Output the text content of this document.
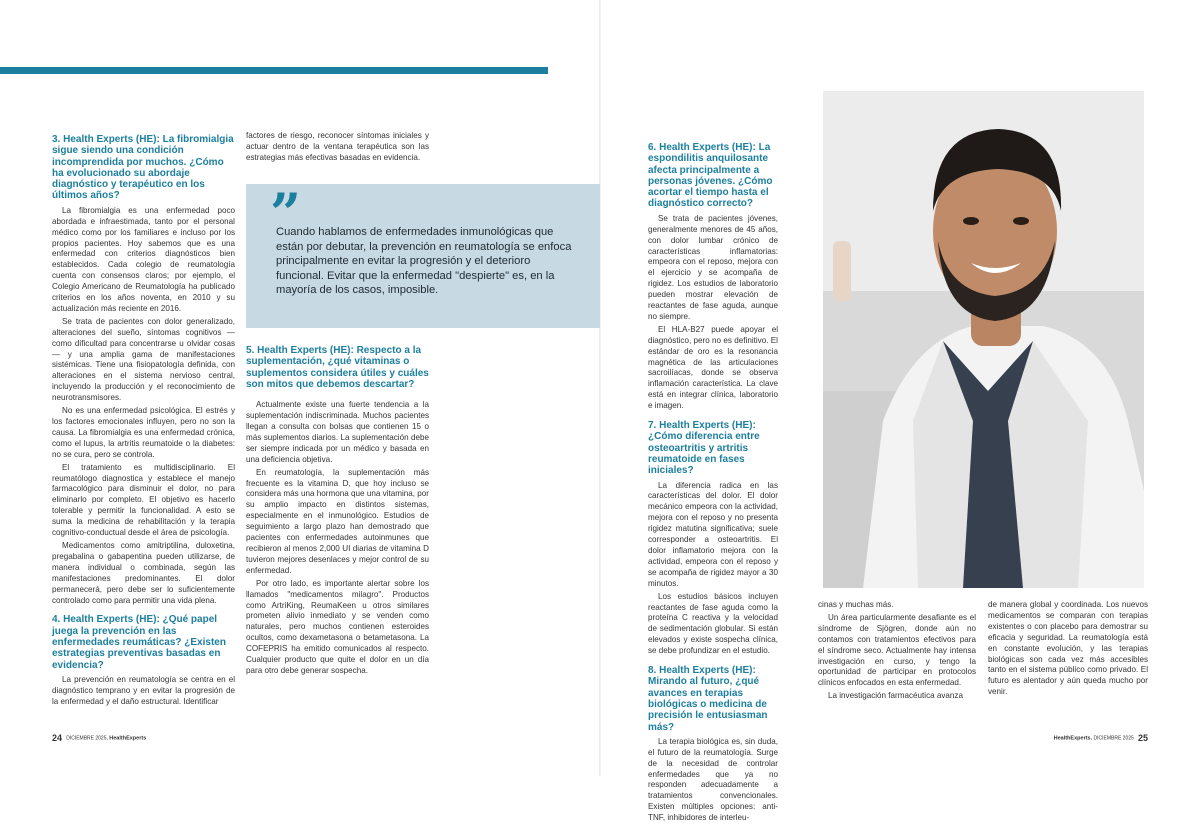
3. Health Experts (HE): La fibromialgia sigue siendo una condición incomprendida por muchos. ¿Cómo ha evolucionado su abordaje diagnóstico y terapéutico en los últimos años?

La fibromialgia es una enfermedad poco abordada e infraestimada, tanto por el personal médico como por los familiares e incluso por los propios pacientes. Hoy sabemos que es una enfermedad con criterios diagnósticos bien establecidos. Cada colegio de reumatología cuenta con consensos claros; por ejemplo, el Colegio Americano de Reumatología ha publicado criterios en los años noventa, en 2010 y su actualización más reciente en 2016.

Se trata de pacientes con dolor generalizado, alteraciones del sueño, síntomas cognitivos —como dificultad para concentrarse u olvidar cosas— y una amplia gama de manifestaciones sistémicas. Tiene una fisiopatología definida, con alteraciones en el sistema nervioso central, incluyendo la producción y el reconocimiento de neurotransmisores.

No es una enfermedad psicológica. El estrés y los factores emocionales influyen, pero no son la causa. La fibromialgia es una enfermedad crónica, como el lupus, la artritis reumatoide o la diabetes: no se cura, pero se controla.

El tratamiento es multidisciplinario. El reumatólogo diagnostica y establece el manejo farmacológico para disminuir el dolor, no para eliminarlo por completo. El objetivo es hacerlo tolerable y permitir la funcionalidad. A esto se suma la medicina de rehabilitación y la terapia cognitivo-conductual desde el área de psicología.

Medicamentos como amitriptilina, duloxetina, pregabalina o gabapentina pueden utilizarse, de manera individual o combinada, según las manifestaciones predominantes. El dolor permanecerá, pero debe ser lo suficientemente controlado como para permitir una vida plena.

4. Health Experts (HE): ¿Qué papel juega la prevención en las enfermedades reumáticas? ¿Existen estrategias preventivas basadas en evidencia?

La prevención en reumatología se centra en el diagnóstico temprano y en evitar la progresión de la enfermedad y el daño estructural. Identificar

factores de riesgo, reconocer síntomas iniciales y actuar dentro de la ventana terapéutica son las estrategias más efectivas basadas en evidencia.

”

Cuando hablamos de enfermedades inmunológicas que están por debutar, la prevención en reumatología se enfoca principalmente en evitar la progresión y el deterioro funcional. Evitar que la enfermedad "despierte" es, en la mayoría de los casos, imposible.

5. Health Experts (HE): Respecto a la suplementación, ¿qué vitaminas o suplementos considera útiles y cuáles son mitos que debemos descartar?

Actualmente existe una fuerte tendencia a la suplementación indiscriminada. Muchos pacientes llegan a consulta con bolsas que contienen 15 o más suplementos diarios. La suplementación debe ser siempre indicada por un médico y basada en una deficiencia objetiva.

En reumatología, la suplementación más frecuente es la vitamina D, que hoy incluso se considera más una hormona que una vitamina, por su amplio impacto en distintos sistemas, especialmente en el inmunológico. Estudios de seguimiento a largo plazo han demostrado que pacientes con enfermedades autoinmunes que recibieron al menos 2,000 UI diarias de vitamina D tuvieron mejores desenlaces y mejor control de su enfermedad.

Por otro lado, es importante alertar sobre los llamados "medicamentos milagro". Productos como ArtriKing, ReumaKeen u otros similares prometen alivio inmediato y se venden como naturales, pero muchos contienen esteroides ocultos, como dexametasona o betametasona. La COFEPRIS ha emitido comunicados al respecto. Cualquier producto que quite el dolor en un día para otro debe generar sospecha.

6. Health Experts (HE): La espondilitis anquilosante afecta principalmente a personas jóvenes. ¿Cómo acortar el tiempo hasta el diagnóstico correcto?

Se trata de pacientes jóvenes, generalmente menores de 45 años, con dolor lumbar crónico de características inflamatorias: empeora con el reposo, mejora con el ejercicio y se acompaña de rigidez. Los estudios de laboratorio pueden mostrar elevación de reactantes de fase aguda, aunque no siempre.

El HLA-B27 puede apoyar el diagnóstico, pero no es definitivo. El estándar de oro es la resonancia magnética de las articulaciones sacroilíacas, donde se observa inflamación característica. La clave está en integrar clínica, laboratorio e imagen.

7. Health Experts (HE): ¿Cómo diferencia entre osteoartritis y artritis reumatoide en fases iniciales?

La diferencia radica en las características del dolor. El dolor mecánico empeora con la actividad, mejora con el reposo y no presenta rigidez matutina significativa; suele corresponder a osteoartritis. El dolor inflamatorio mejora con la actividad, empeora con el reposo y se acompaña de rigidez mayor a 30 minutos.

Los estudios básicos incluyen reactantes de fase aguda como la proteína C reactiva y la velocidad de sedimentación globular. Si están elevados y existe sospecha clínica, se debe profundizar en el estudio.

8. Health Experts (HE): Mirando al futuro, ¿qué avances en terapias biológicas o medicina de precisión le entusiasman más?

La terapia biológica es, sin duda, el futuro de la reumatología. Surge de la necesidad de controlar enfermedades que ya no responden adecuadamente a tratamientos convencionales. Existen múltiples opciones: anti-TNF, inhibidores de interleu-

cinas y muchas más.

Un área particularmente desafiante es el síndrome de Sjögren, donde aún no contamos con tratamientos efectivos para el síndrome seco. Actualmente hay intensa investigación en curso, y tengo la oportunidad de participar en protocolos clínicos enfocados en esta enfermedad.

La investigación farmacéutica avanza

de manera global y coordinada. Los nuevos medicamentos se comparan con terapias existentes o con placebo para demostrar su eficacia y seguridad. La reumatología está en constante evolución, y las terapias biológicas son cada vez más accesibles tanto en el sistema público como privado. El futuro es alentador y aún queda mucho por venir.

24 DICIEMBRE 2025, HealthExperts	HealthExperts. DICIEMBRE 2025 25
